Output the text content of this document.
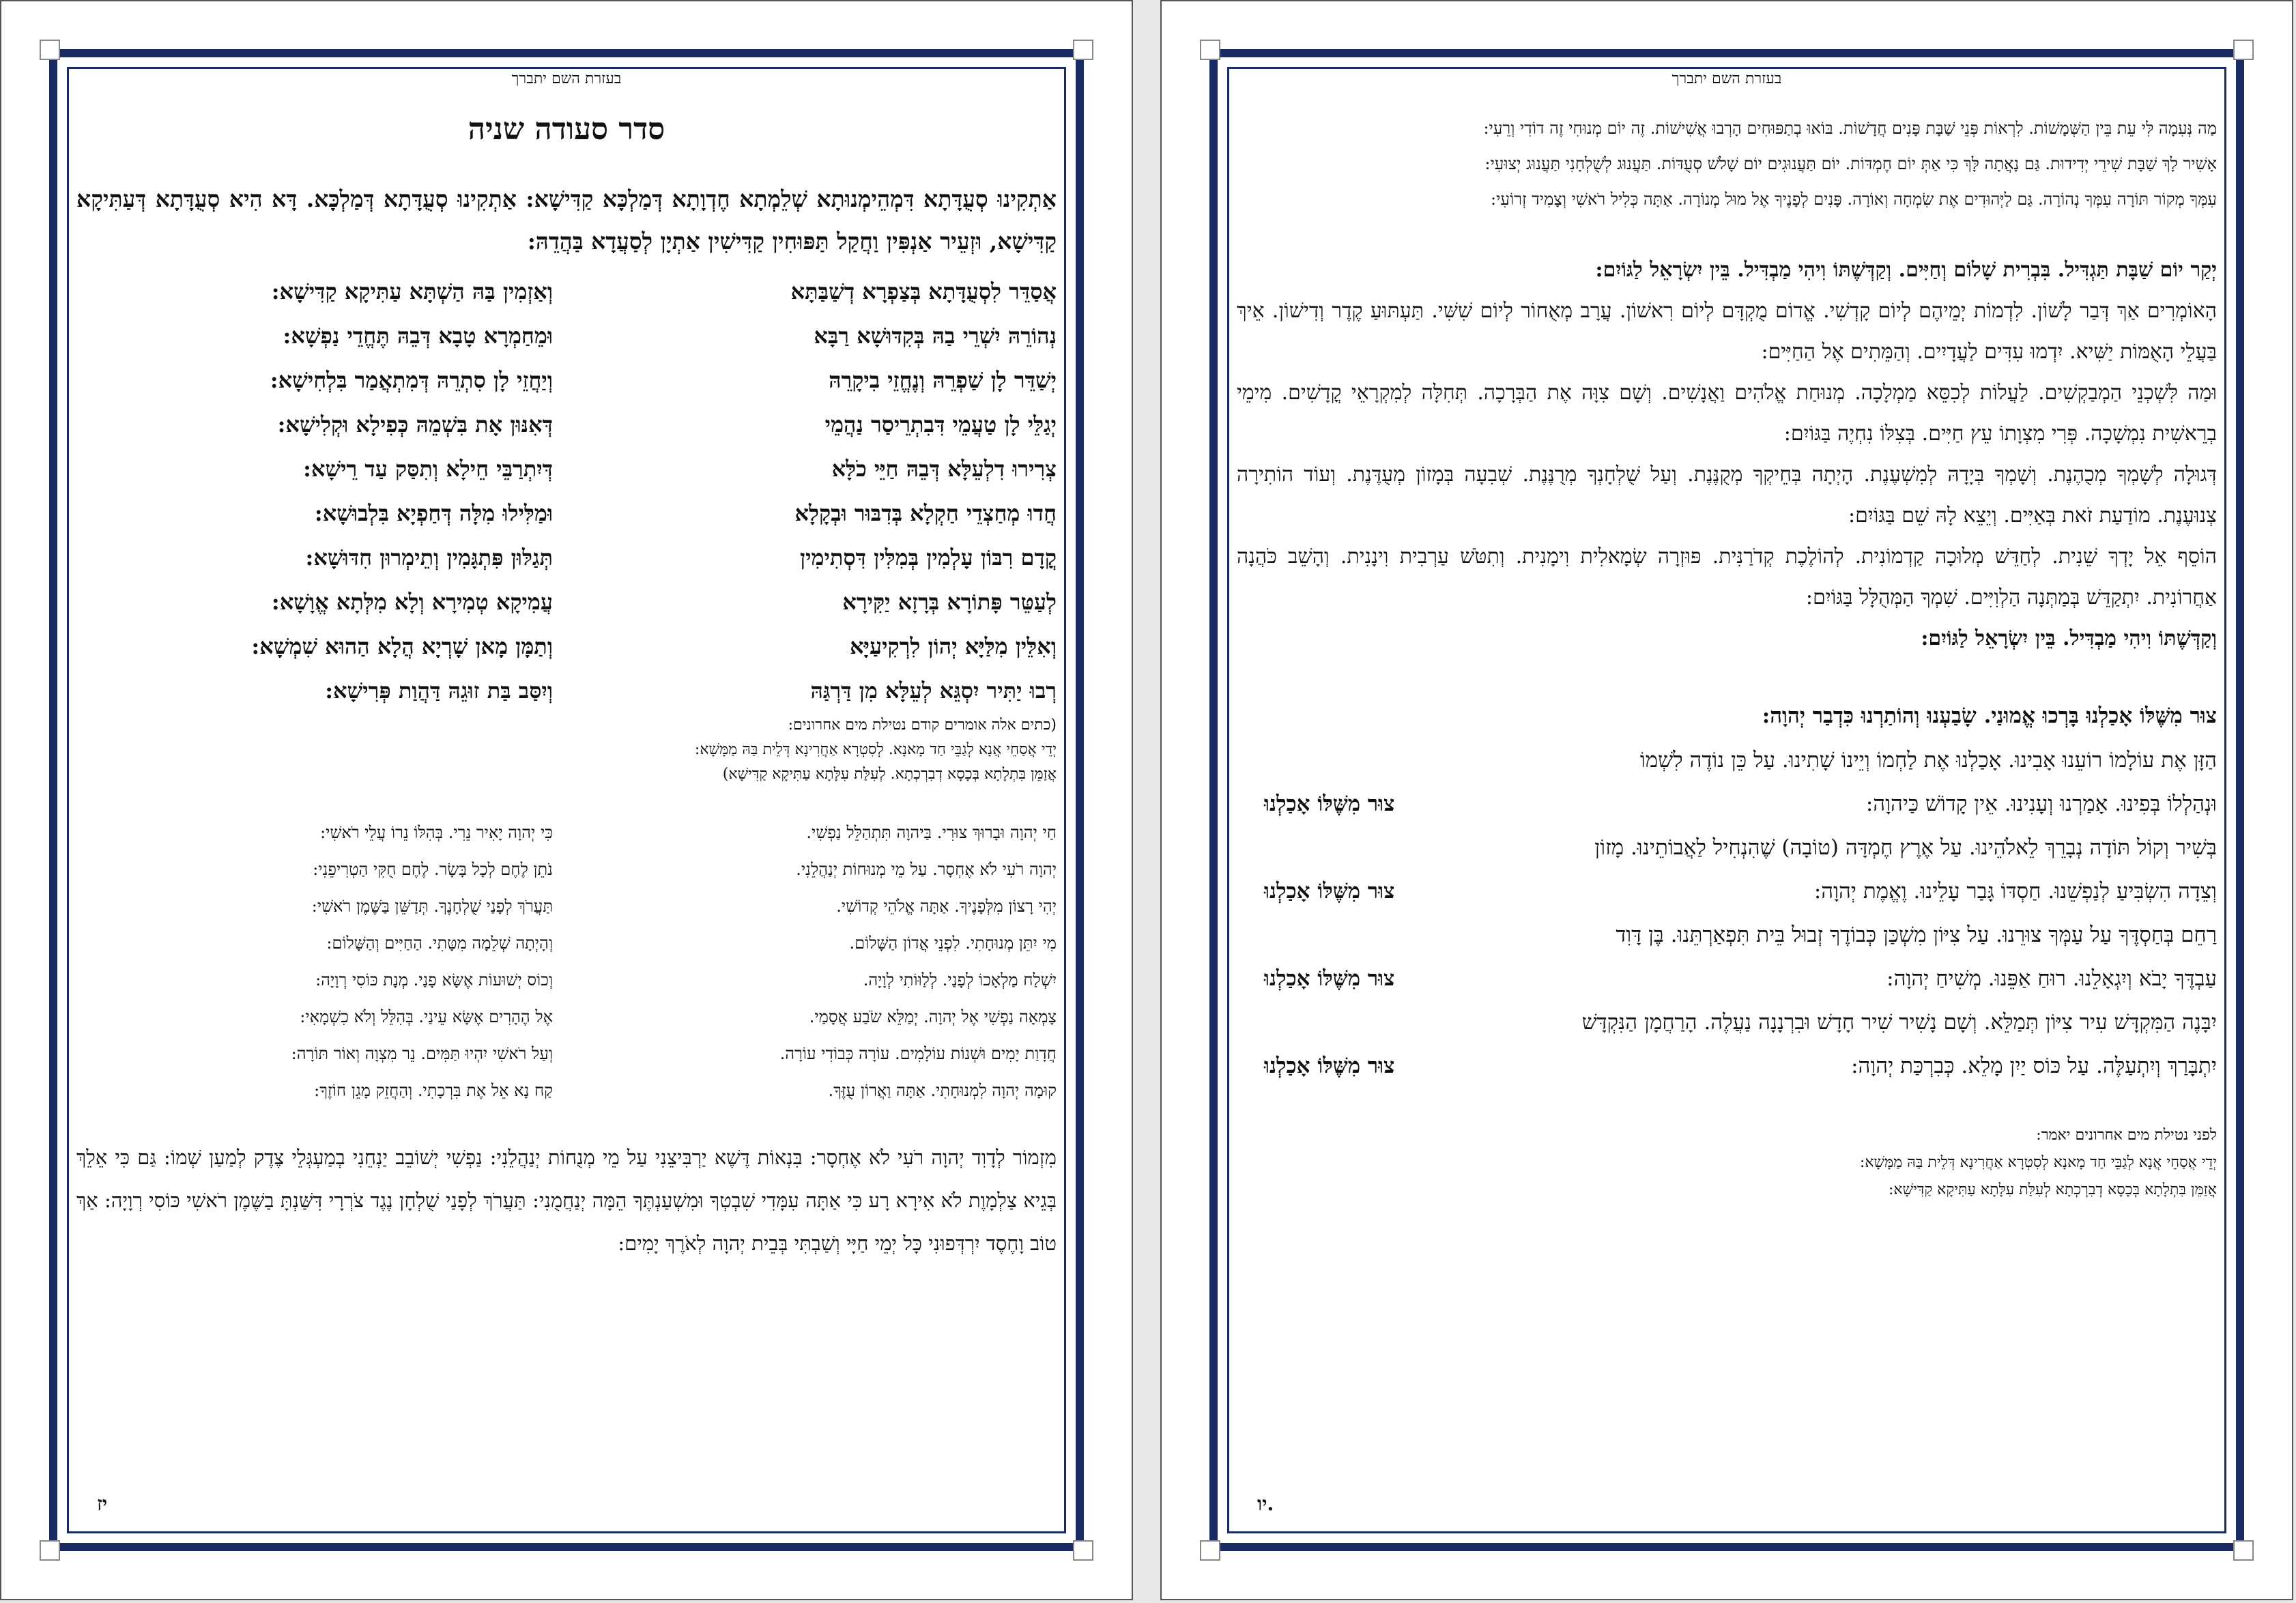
בעזרת השם יתברך
סדר סעודה שניה

אַתְקִינוּ סְעֻדָּתָא דִּמְהֵימְנוּתָא שְׁלֵמְתָא חֶדְוָתָא דְּמַלְכָּא קַדִּישָׁא: אַתְקִינוּ סְעֻדָּתָא דְּמַלְכָּא. דָּא הִיא סְעֻדָּתָא דְּעַתִּיקָא קַדִּישָׁא, וּזְעֵיר אַנְפִּין וַחֲקַל תַּפּוּחִין קַדִּישִׁין אַתְיָן לְסַעֲדָא בַּהֲדֵהּ:

אֲסַדֵּר לִסְעֻדָּתָא בְּצַפְרָא דְשַׁבַּתָּא
וְאַזְמִין בַּהּ הַשְׁתָּא עַתִּיקָא קַדִּישָׁא:
נְהוֹרֵהּ יִשְׁרֵי בַהּ בְּקִדּוּשָׁא רַבָּא
וּמֵחַמְרָא טָבָא דְּבֵהּ תֶּחֱדֵי נַפְשָׁא:
יְשַׁדֵּר לָן שַׁפְרֵהּ וְנֶחֱזֵי בִיקָרֵהּ
וְיַחֲזֵי לָן סִתְרֵהּ דְּמִתְאֲמַר בִּלְחִישָׁא:
יְגַלֵּי לָן טַעֲמֵי דִּבִתְרֵיסַר נַהֲמֵי
דְּאִנּוּן אָת בִּשְׁמֵהּ כְּפִילָא וּקְלִישָׁא:
צְרִירוּ דִלְעֵלָּא דְּבֵהּ חַיֵּי כֹלָּא
דְּיִתְרַבֵּי חֵילָא וְתִסַּק עַד רֵישָׁא:
חֲדוּ מְחַצְדֵי חַקְלָא בְּדִבּוּר וּבְקָלָא
וּמַלִּילוּ מִלָּה דְּחַפְיָא בִּלְבוּשָׁא:
קֳדָם רִבּוֹן עָלְמִין בְּמִלִּין דִּסְתִימִין
תְּגַלּוּן פִּתְגָּמִין וְתֵימְרוּן חִדּוּשָׁא:
לְעַטֵּר פָּתוֹרָא בְּרָזָא יַקִּירָא
עֲמִיקָא טְמִירָא וְלָא מִלְּתָא אֱוָשָׁא:
וְאִלֵּין מִלַּיָּא יְהוֹן לִרְקִיעַיָּא
וְתַמָּן מָאן שָׁרְיָא הֲלָא הַהוּא שִׁמְשָׁא:
רְבוּ יַתִּיר יִסְגֵּא לְעֵלָּא מִן דַּרְגַּהּ
וְיִסַּב בַּת זוּגֵהּ דַּהֲוַת פְּרִישָׁא:

(כתים אלה אומרים קודם נטילת מים אחרונים:

יְדֵי אֲסַחֵי אֲנָא לְגַבֵּי חַד מָאנָא. לְסִטְרָא אַחֲרִינָא דְּלֵית בַּהּ מַמָּשָׁא:

אֲזַמֵּן בִּתְלָתָא בְּכָסָא דְבִרְכְתָא. לְעִלַּת עִלָּתָא עַתִּיקָא קַדִּישָׁא)

חַי יְהוָה וּבָרוּךְ צוּרִי. בַּיהוָה תִּתְהַלֵּל נַפְשִׁי.
כִּי יְהוָה יָאִיר נֵרִי. בְּהִלּוֹ נֵרוֹ עֲלֵי רֹאשִׁי:
יְהוָה רֹעִי לֹא אֶחְסָר. עַל מֵי מְנוּחוֹת יְנַהֲלֵנִי.
נֹתֵן לֶחֶם לְכָל בָּשָׂר. לֶחֶם חֻקִּי הַטְרִיפֵנִי:
יְהִי רָצוֹן מִלְּפָנֶיךָ. אַתָּה אֱלֹהֵי קְדוֹשִׁי.
תַּעֲרֹךְ לְפָנַי שֻׁלְחָנֶךָ. תְּדַשֵּׁן בַּשֶּׁמֶן רֹאשִׁי:
מִי יִתֵּן מְנוּחָתִי. לִפְנֵי אֲדוֹן הַשָּׁלוֹם.
וְהָיְתָה שְׁלֵמָה מִטָּתִי. הַחַיִּים וְהַשָּׁלוֹם:
יִשְׁלַח מַלְאָכוֹ לְפָנַי. לְלַוּוֹתִי לְוָיָה.
וְכוֹס יְשׁוּעוֹת אֶשָּׂא פָנַי. מְנָת כּוֹסִי רְוָיָה:
צָמְאָה נַפְשִׁי אֶל יְהוָה. יְמַלֵּא שֹׂבַע אֲסָמַי.
אֶל הֶהָרִים אֶשָּׂא עֵינַי. בְּהִלֵּל וְלֹא כִשְׁמָאִי:
חֲדָוַת יָמִים וּשְׁנוֹת עוֹלָמִים. עוֹרָה כְּבוֹדִי עוֹרָה.
וְעַל רֹאשִׁי יִהְיוּ תַּמִּים. נֵר מִצְוָה וְאוֹר תּוֹרָה:
קוּמָה יְהוָה לִמְנוּחָתִי. אַתָּה וַאֲרוֹן עֻזֶּךָ.
קַח נָא אֵל אֶת בִּרְכָתִי. וְהַחֲזֵק מָגֵן חוֹזֶךָ:

מִזְמוֹר לְדָוִד יְהוָה רֹעִי לֹא אֶחְסָר: בִּנְאוֹת דֶּשֶׁא יַרְבִּיצֵנִי עַל מֵי מְנֻחוֹת יְנַהֲלֵנִי: נַפְשִׁי יְשׁוֹבֵב יַנְחֵנִי בְמַעְגְּלֵי צֶדֶק לְמַעַן שְׁמוֹ: גַּם כִּי אֵלֵךְ בְּגֵיא צַלְמָוֶת לֹא אִירָא רָע כִּי אַתָּה עִמָּדִי שִׁבְטְךָ וּמִשְׁעַנְתֶּךָ הֵמָּה יְנַחֲמֻנִי: תַּעֲרֹךְ לְפָנַי שֻׁלְחָן נֶגֶד צֹרְרָי דִּשַּׁנְתָּ בַשֶּׁמֶן רֹאשִׁי כּוֹסִי רְוָיָה: אַךְ טוֹב וָחֶסֶד יִרְדְּפוּנִי כָּל יְמֵי חַיָּי וְשַׁבְתִּי בְּבֵית יְהוָה לְאֹרֶךְ יָמִים:

יז
בעזרת השם יתברך

מַה נְּעִמָה לִּי עֵת בֵּין הַשְּׁמָשׁוֹת. לִרְאוֹת פְּנֵי שַׁבָּת פָּנִים חֲדָשׁוֹת. בּוֹאוּ בְתַפּוּחִים הָרְבוּ אֲשִׁישׁוֹת. זֶה יוֹם מְנוּחִי זֶה דוֹדִי וְרֵעִי:

אָשִׁיר לָךְ שַׁבָּת שִׁירֵי יְדִידוּת. גַּם נָאֲתָה לָּךְ כִּי אַתְּ יוֹם חֶמְדּוֹת. יוֹם תַּעֲנוּגִים יוֹם שָׁלֹשׁ סְעֻדּוֹת. תַּעֲנוּג לְשֻׁלְחָנִי תַּעֲנוּג יְצוּעִי:

עִמְּךָ מְקוֹר תּוֹרָה עִמְּךָ נְהוֹרָה. גַּם לַיְּהוּדִים אֶת שִׂמְחָה וְאוֹרָה. פָּנִים לְפָנֶיךָ אֶל מוּל מְנוֹרָה. אַתָּה כְּלִיל רֹאשִׁי וְצָמִיד זְרוֹעִי:

יְקַר יוֹם שַׁבָּת תַּגְדִּיל. בִּבְרִית שָׁלוֹם וְחַיִּים. וְקַדְּשֶׁתּוֹ וִיהִי מַבְדִּיל. בֵּין יִשְׂרָאֵל לַגּוֹיִם:

הָאוֹמְרִים אַךְ דְּבַר לָשׁוֹן. לִדְמוֹת יְמֵיהֶם לְיוֹם קָדְשִׁי. אֱדוֹם מֻקְדָּם לְיוֹם רִאשׁוֹן. עֲרָב מְאֻחוֹר לְיוֹם שִׁשִּׁי. תַּעְתּוּעַ קֶדֶר וְדִישׁוֹן. אֵיךְ בַּעֲלֵי הָאֻמּוֹת יַשִּׁיא. יִדְמוּ עִדִּים לַעֲדָיִים. וְהַמֵּתִים אֶל הַחַיִּים:

וּמַה לִּשְׁכְנֵי הַמְבַקְשִׁים. לַעֲלוֹת לְכִסֵּא מַמְלָכָה. מְנוּחַת אֱלֹהִים וַאֲנָשִׁים. וְשָׁם צִוָּה אֶת הַבְּרָכָה. תְּחִלָּה לְמִקְרָאֵי קֳדָשִׁים. מִימֵי בְרֵאשִׁית נִמְשָׁכָה. פְּרִי מִצְוָתוֹ עֵץ חַיִּים. בְּצִלּוֹ נִחְיֶה בַּגּוֹיִם:

דְּגוּלָה לְשָׁמְךָ מְכֻהֶנֶת. וְשָׁמְךָ בְּיָדָהּ לְמִשְׁעֶנֶת. הָיְתָה בְּחֵיקְךָ מְקֻנֶּנֶת. וְעַל שֻׁלְחָנְךָ מְרֻנֶּנֶת. שְׁבִעָה בְּמָזוֹן מְעֻדֶּנֶת. וְעוֹד הוֹתִירָה צְנוּעֶנֶת. מוֹדַעַת זֹאת בְּאַיִּים. וְיֵצֵא לָהּ שֵׁם בַּגּוֹיִם:

הוֹסֵף אֵל יָדְךָ שֵׁנִית. לְחַדֵּשׁ מְלוּכָה קַדְמוֹנִית. לְהוֹלֶכֶת קְדֹרַנִּית. פּוּזְרָה שְׂמָאלִית וִימָנִית. וְתִטֹּשׁ עַרְבִית וִינָנִית. וְהָשֵׁב כֹּהֲנָה אַחֲרוֹנִית. יִתְקַדֵּשׁ בְּמַתְּנָה הַלְוִיִּים. שִׁמְךָ הַמְּהֻלָּל בַּגּוֹיִם:

וְקַדְּשֶׁתּוֹ וִיהִי מַבְדִּיל. בֵּין יִשְׂרָאֵל לַגּוֹיִם:

צוּר מִשֶּׁלּוֹ אָכַלְנוּ בָּרְכוּ אֱמוּנַי. שָׂבַעְנוּ וְהוֹתַרְנוּ כִּדְבַר יְהוָה:
הַזָּן אֶת עוֹלָמוֹ רוֹעֵנוּ אָבִינוּ. אָכַלְנוּ אֶת לַחְמוֹ וְיֵינוֹ שָׁתִינוּ. עַל כֵּן נוֹדֶה לִשְׁמוֹ
וּנְהַלְלוֹ בְּפִינוּ. אָמַרְנוּ וְעָנִינוּ. אֵין קָדוֹשׁ כַּיהוָה:
צוּר מִשֶּׁלּוֹ אָכַלְנוּ
בְּשִׁיר וְקוֹל תּוֹדָה נְבָרֵךְ לֵאלֹהֵינוּ. עַל אֶרֶץ חֶמְדָּה (טוֹבָה) שֶׁהִנְחִיל לַאֲבוֹתֵינוּ. מָזוֹן
וְצֵדָה הִשְׂבִּיעַ לְנַפְשֵׁנוּ. חַסְדּוֹ גָּבַר עָלֵינוּ. וֶאֱמֶת יְהוָה:
צוּר מִשֶּׁלּוֹ אָכַלְנוּ
רַחֵם בְּחַסְדֶּךָ עַל עַמְּךָ צוּרֵנוּ. עַל צִיּוֹן מִשְׁכַּן כְּבוֹדֶךָ זְבוּל בֵּית תִּפְאַרְתֵּנוּ. בֶּן דָּוִד
עַבְדֶּךָ יָבֹא וְיִגְאָלֵנוּ. רוּחַ אַפֵּנוּ. מְשִׁיחַ יְהוָה:
צוּר מִשֶּׁלּוֹ אָכַלְנוּ
יִבָּנֶה הַמִּקְדָּשׁ עִיר צִיּוֹן תְּמַלֵּא. וְשָׁם נָשִׁיר שִׁיר חָדָשׁ וּבִרְנָנָה נַעֲלֶה. הָרַחֲמָן הַנִּקְדָּשׁ
יִתְבָּרַךְ וְיִתְעַלֶּה. עַל כּוֹס יַיִן מָלֵא. כְּבִרְכַּת יְהוָה:
צוּר מִשֶּׁלּוֹ אָכַלְנוּ
לפני נטילת מים אחרונים יאמר:
יְדֵי אֲסַחֵי אֲנָא לְגַבֵּי חַד מָאנָא לְסִטְרָא אַחֲרִינָא דְּלֵית בַּהּ מַמָּשָׁא:
אֲזַמֵּן בִּתְלָתָא בְּכָסָא דְבִרְכְתָא לְעִלַּת עִלָּתָא עַתִּיקָא קַדִּישָׁא:
יו.
